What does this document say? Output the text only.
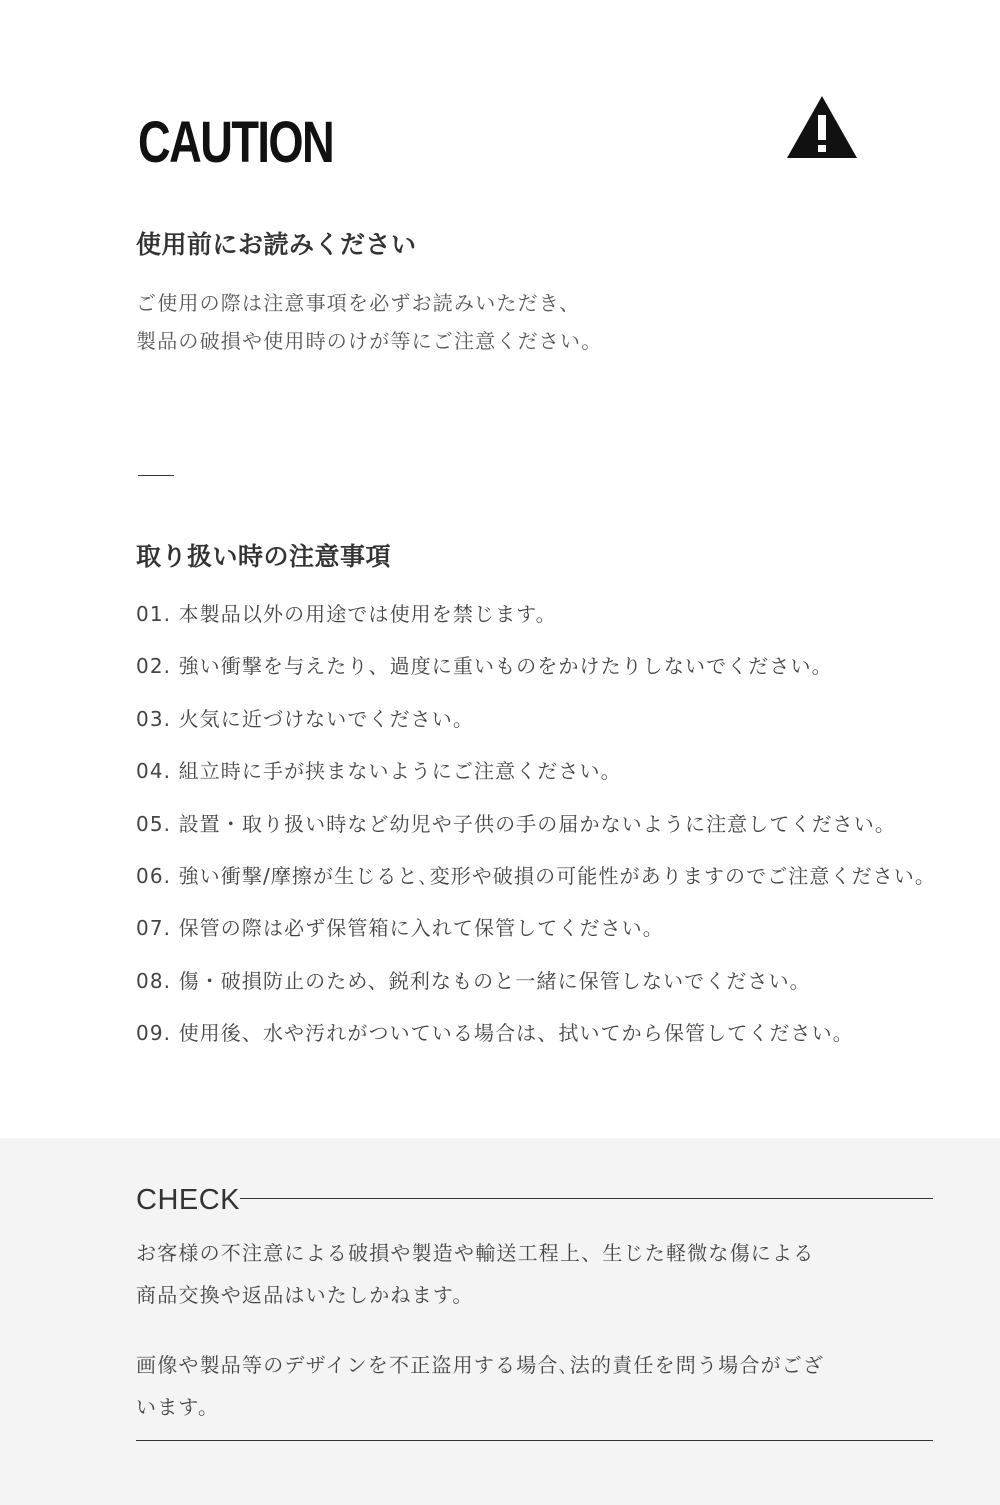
CAUTION
使用前にお読みください
ご使用の際は注意事項を必ずお読みいただき、
製品の破損や使用時のけが等にご注意ください。
取り扱い時の注意事項
01. 本製品以外の用途では使用を禁じます。
02. 強い衝撃を与えたり、過度に重いものをかけたりしないでください。
03. 火気に近づけないでください。
04. 組立時に手が挟まないようにご注意ください。
05. 設置・取り扱い時など幼児や子供の手の届かないように注意してください。
06. 強い衝撃/摩擦が生じると､変形や破損の可能性がありますのでご注意ください。
07. 保管の際は必ず保管箱に入れて保管してください。
08. 傷・破損防止のため、鋭利なものと一緒に保管しないでください。
09. 使用後、水や汚れがついている場合は、拭いてから保管してください。
CHECK
お客様の不注意による破損や製造や輸送工程上、生じた軽微な傷による
商品交換や返品はいたしかねます。
画像や製品等のデザインを不正盗用する場合､法的責任を問う場合がござ
います。
